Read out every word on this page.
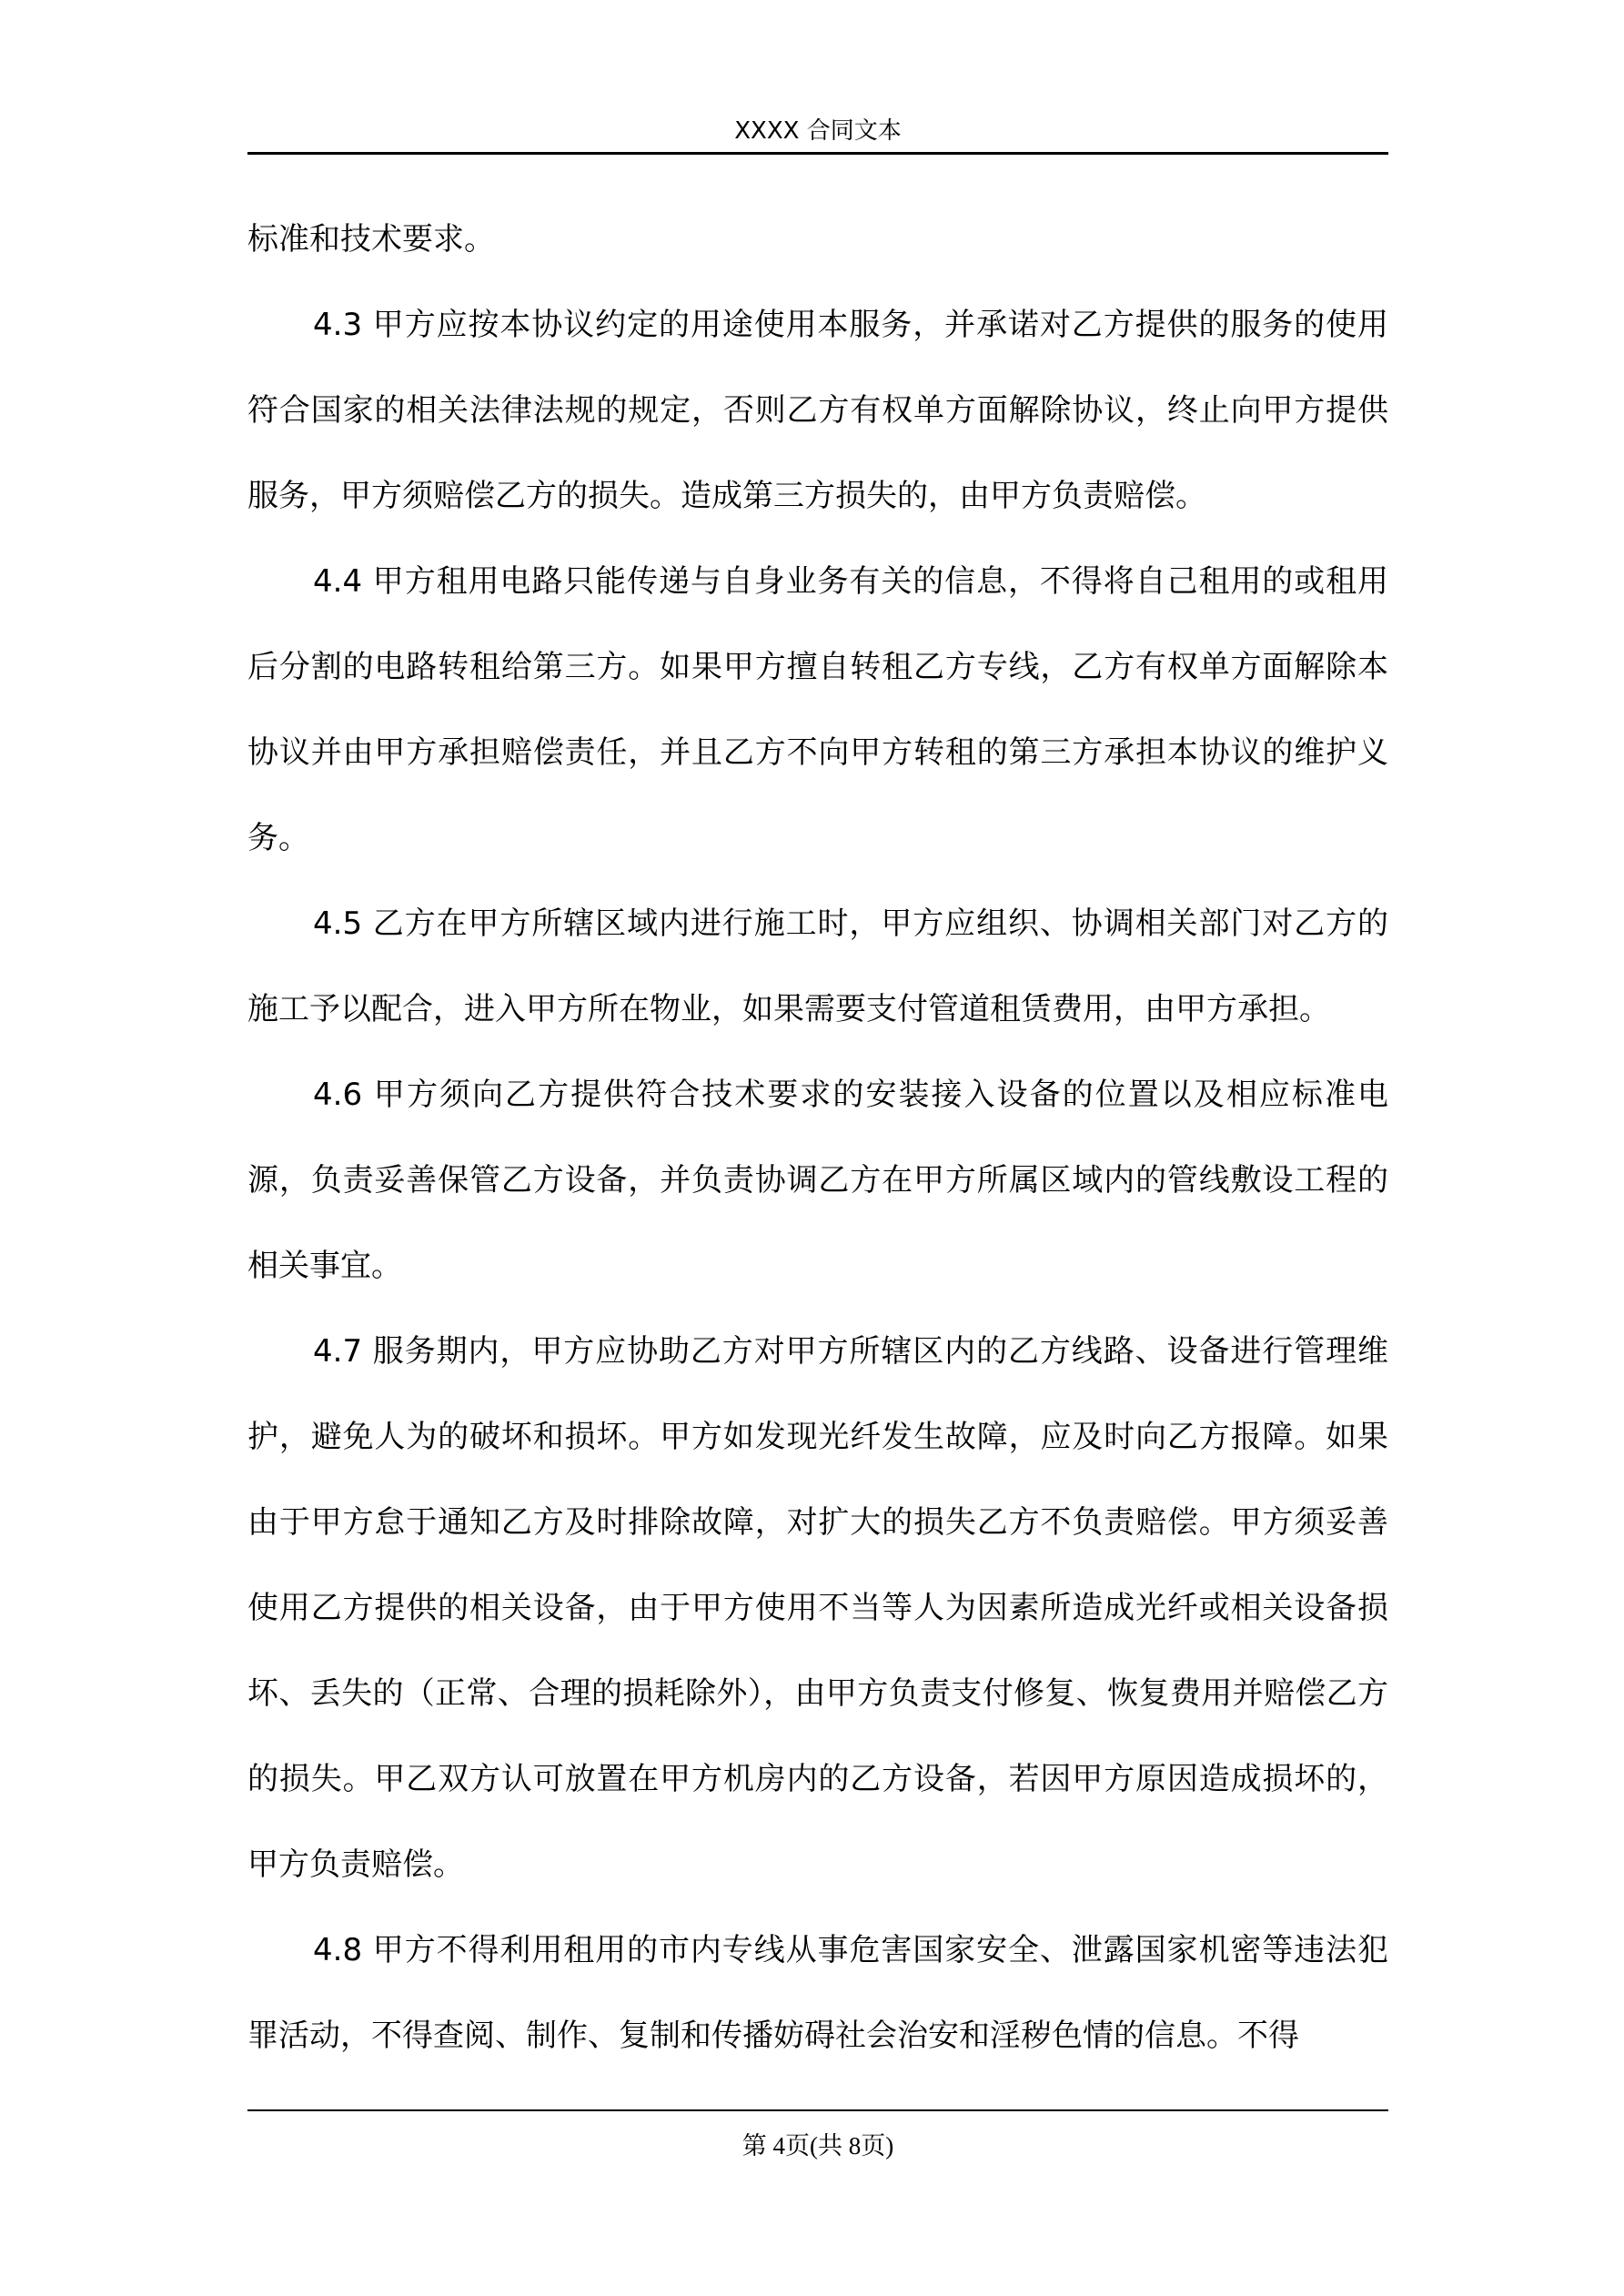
XXXX 合同文本

标准和技术要求。

4.3 甲方应按本协议约定的用途使用本服务，并承诺对乙方提供的服务的使用符合国家的相关法律法规的规定，否则乙方有权单方面解除协议，终止向甲方提供服务，甲方须赔偿乙方的损失。造成第三方损失的，由甲方负责赔偿。

4.4 甲方租用电路只能传递与自身业务有关的信息，不得将自己租用的或租用后分割的电路转租给第三方。如果甲方擅自转租乙方专线，乙方有权单方面解除本协议并由甲方承担赔偿责任，并且乙方不向甲方转租的第三方承担本协议的维护义务。

4.5 乙方在甲方所辖区域内进行施工时，甲方应组织、协调相关部门对乙方的施工予以配合，进入甲方所在物业，如果需要支付管道租赁费用，由甲方承担。

4.6 甲方须向乙方提供符合技术要求的安装接入设备的位置以及相应标准电源，负责妥善保管乙方设备，并负责协调乙方在甲方所属区域内的管线敷设工程的相关事宜。

4.7 服务期内，甲方应协助乙方对甲方所辖区内的乙方线路、设备进行管理维护，避免人为的破坏和损坏。甲方如发现光纤发生故障，应及时向乙方报障。如果由于甲方怠于通知乙方及时排除故障，对扩大的损失乙方不负责赔偿。甲方须妥善使用乙方提供的相关设备，由于甲方使用不当等人为因素所造成光纤或相关设备损坏、丢失的（正常、合理的损耗除外），由甲方负责支付修复、恢复费用并赔偿乙方的损失。甲乙双方认可放置在甲方机房内的乙方设备，若因甲方原因造成损坏的，甲方负责赔偿。

4.8 甲方不得利用租用的市内专线从事危害国家安全、泄露国家机密等违法犯罪活动，不得查阅、制作、复制和传播妨碍社会治安和淫秽色情的信息。不得

第 4页(共 8页)
